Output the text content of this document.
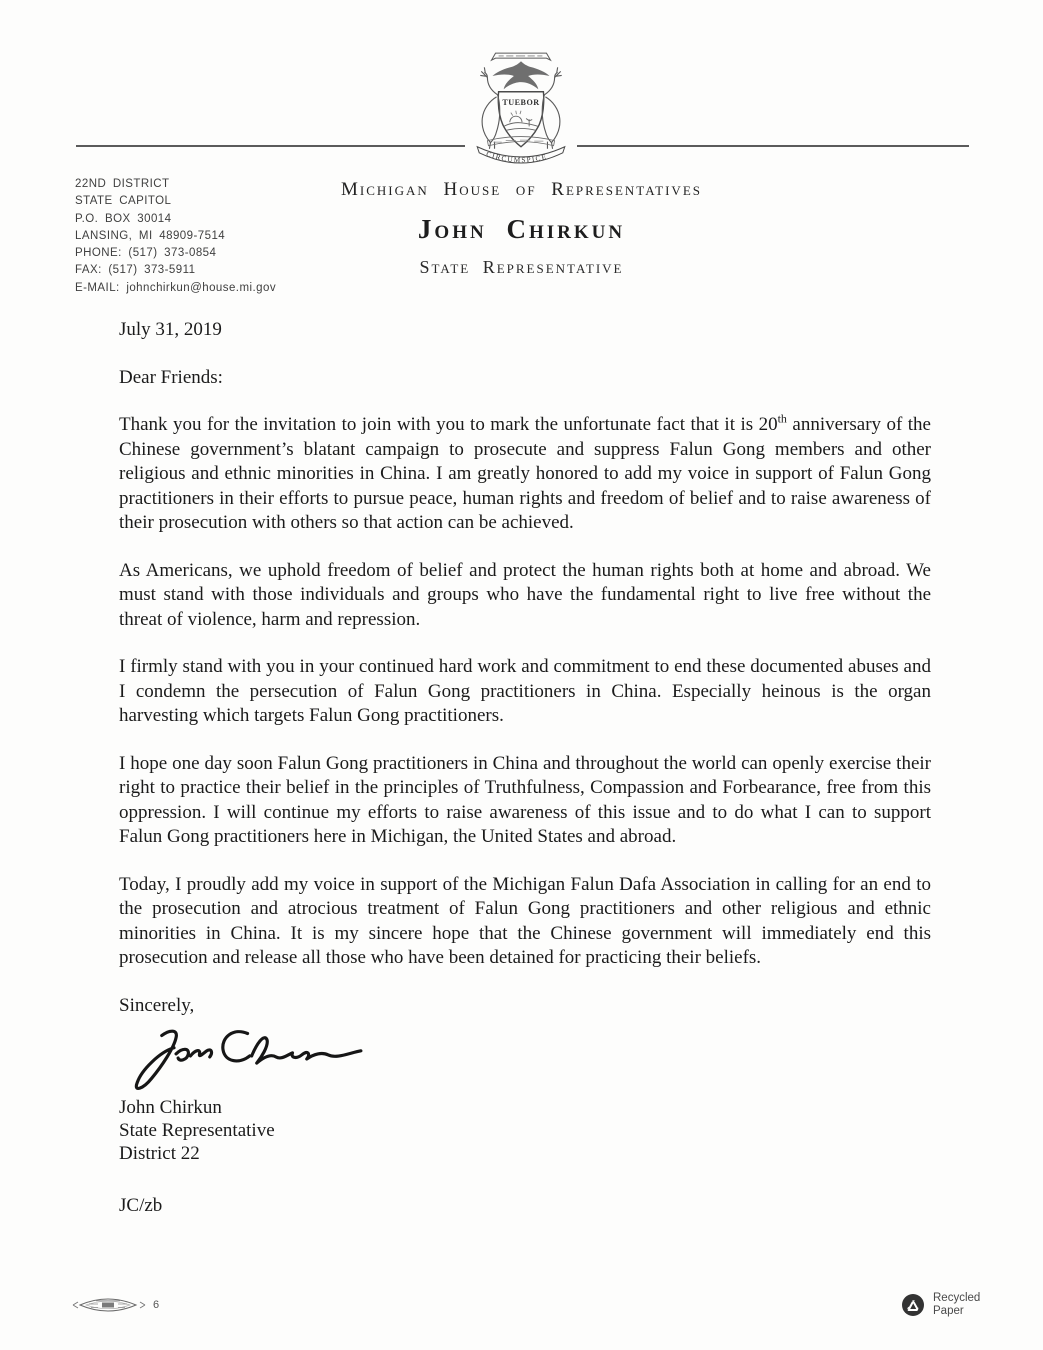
TUEBOR
CIRCUMSPICE
22ND DISTRICT
STATE CAPITOL
P.O. BOX 30014
LANSING, MI 48909-7514
PHONE: (517) 373-0854
FAX: (517) 373-5911
E-MAIL: johnchirkun@house.mi.gov
Michigan House of Representatives
John Chirkun
State Representative
July 31, 2019
Dear Friends:

Thank you for the invitation to join with you to mark the unfortunate fact that it is 20th anniversary of the Chinese government’s blatant campaign to prosecute and suppress Falun Gong members and other religious and ethnic minorities in China. I am greatly honored to add my voice in support of Falun Gong practitioners in their efforts to pursue peace, human rights and freedom of belief and to raise awareness of their prosecution with others so that action can be achieved.

As Americans, we uphold freedom of belief and protect the human rights both at home and abroad. We must stand with those individuals and groups who have the fundamental right to live free without the threat of violence, harm and repression.

I firmly stand with you in your continued hard work and commitment to end these documented abuses and I condemn the persecution of Falun Gong practitioners in China. Especially heinous is the organ harvesting which targets Falun Gong practitioners.

I hope one day soon Falun Gong practitioners in China and throughout the world can openly exercise their right to practice their belief in the principles of Truthfulness, Compassion and Forbearance, free from this oppression. I will continue my efforts to raise awareness of this issue and to do what I can to support Falun Gong practitioners here in Michigan, the United States and abroad.

Today, I proudly add my voice in support of the Michigan Falun Dafa Association in calling for an end to the prosecution and atrocious treatment of Falun Gong practitioners and other religious and ethnic minorities in China. It is my sincere hope that the Chinese government will immediately end this prosecution and release all those who have been detained for practicing their beliefs.

Sincerely,

John Chirkun

State Representative

District 22

JC/zb

6
Recycled
Paper
